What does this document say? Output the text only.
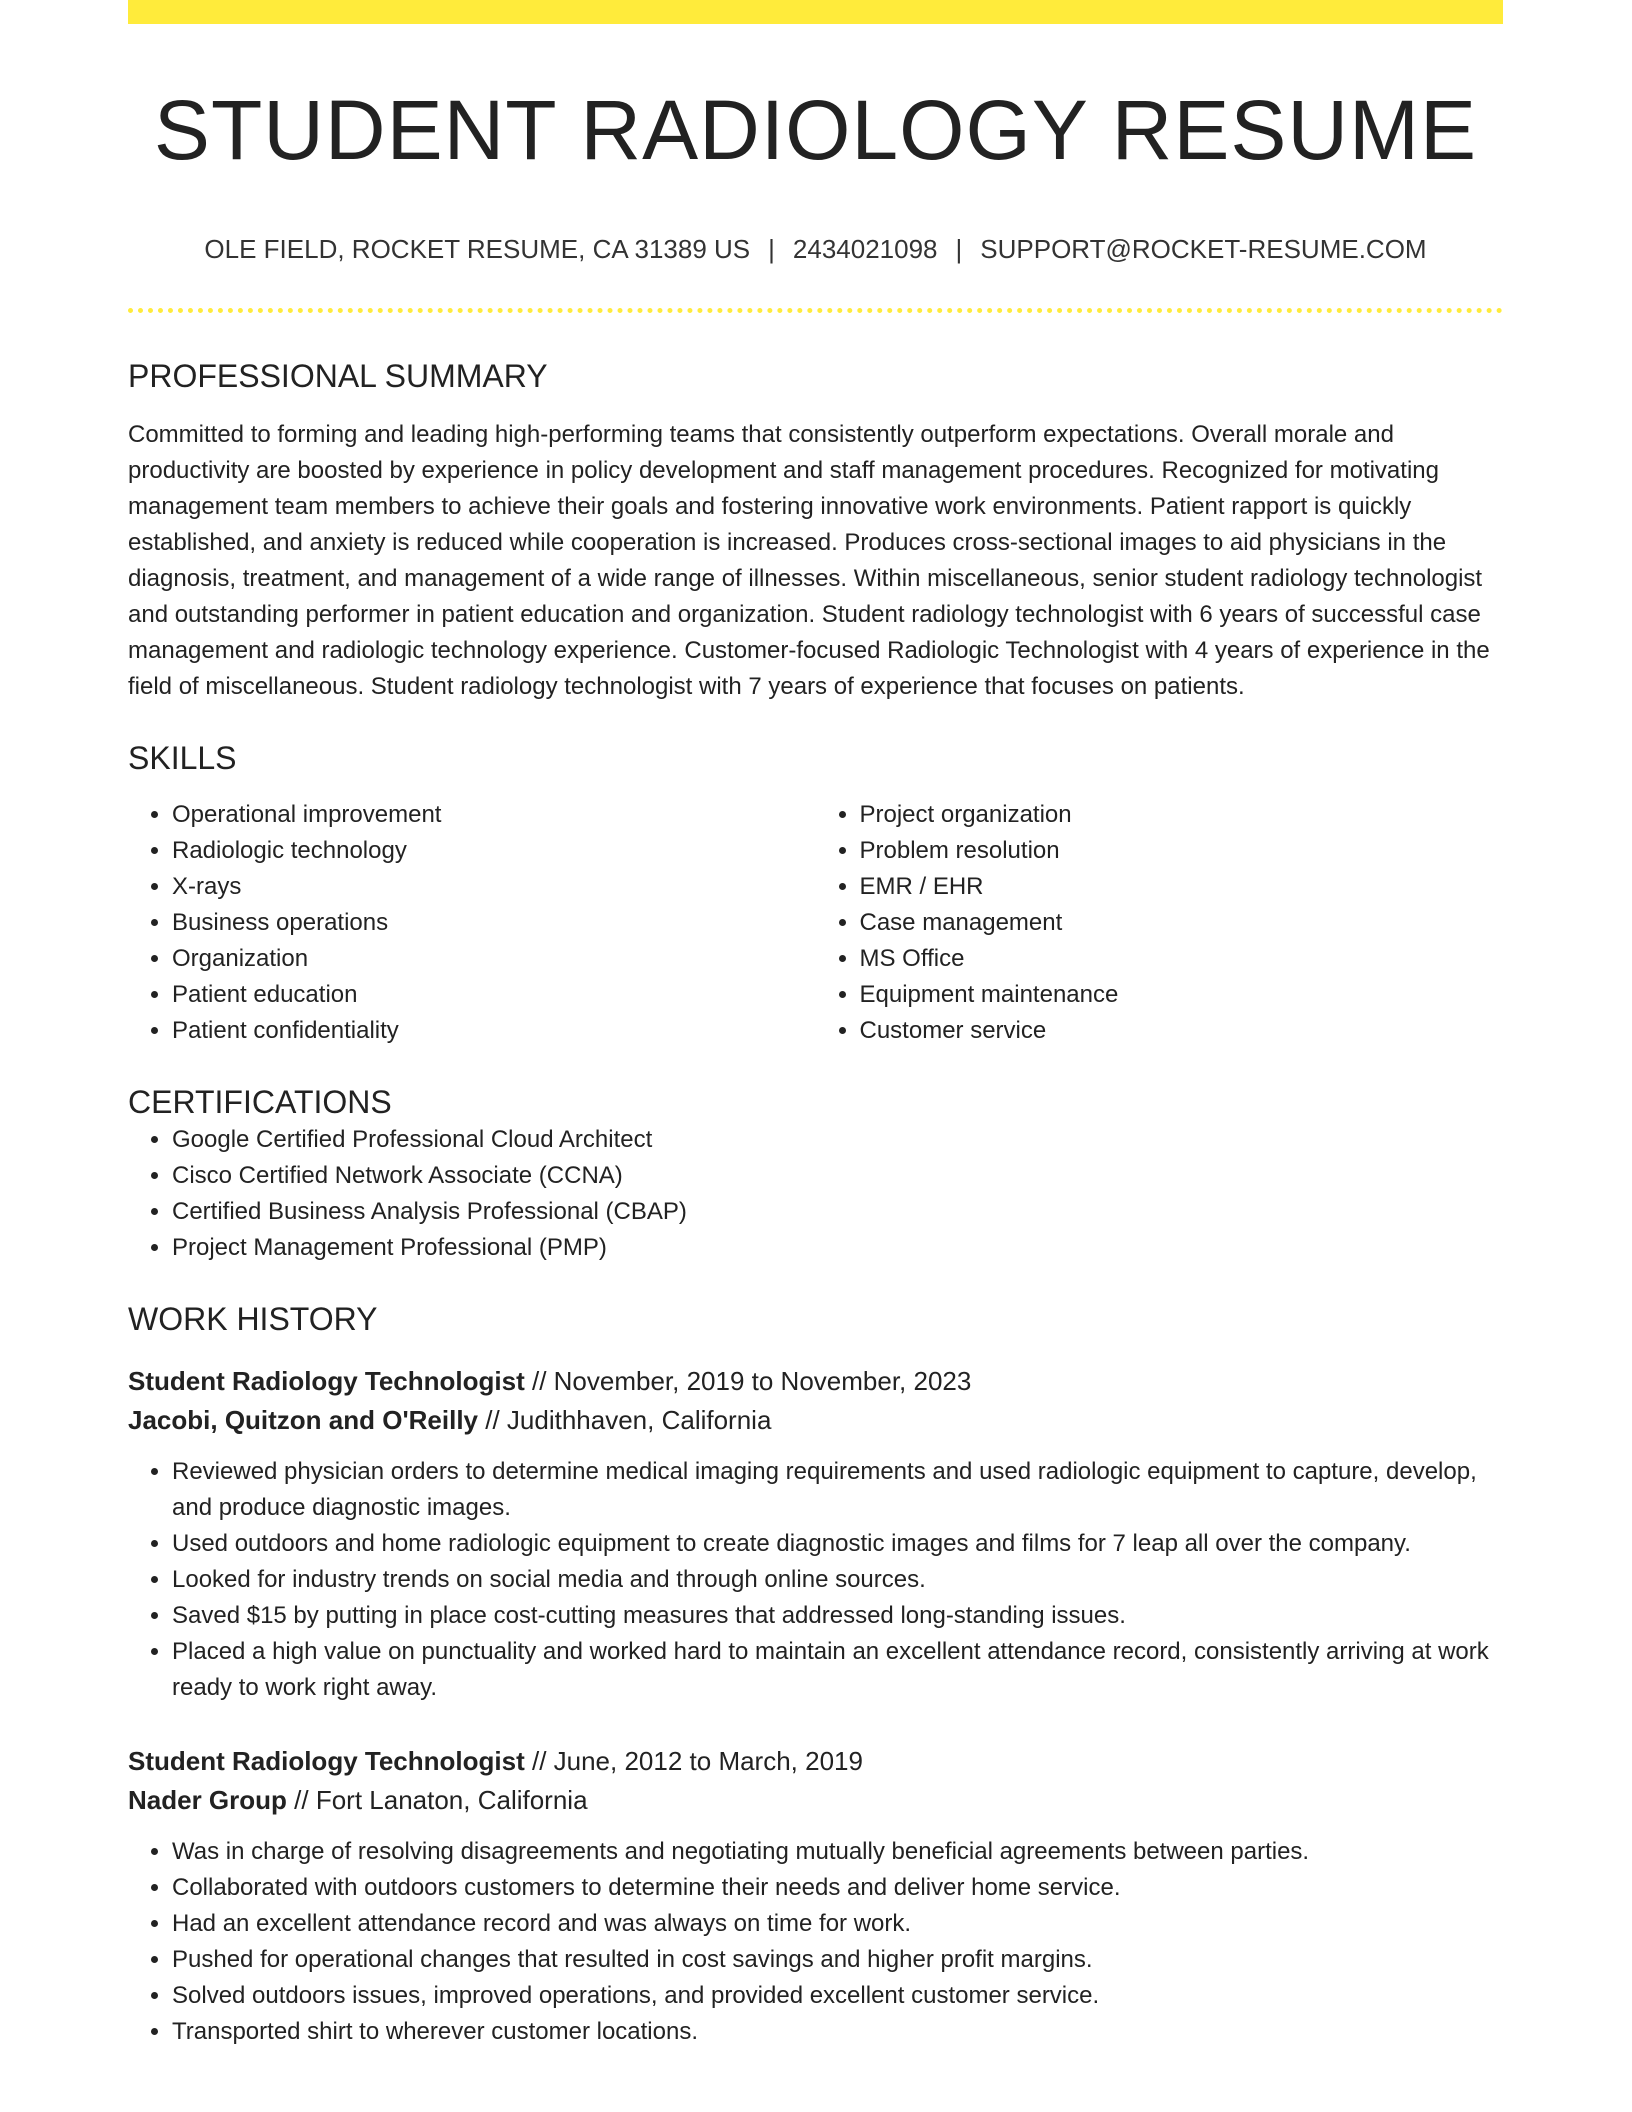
STUDENT RADIOLOGY RESUME
OLE FIELD, ROCKET RESUME, CA 31389 US | 2434021098 | SUPPORT@ROCKET-RESUME.COM
PROFESSIONAL SUMMARY

Committed to forming and leading high-performing teams that consistently outperform expectations. Overall morale and productivity are boosted by experience in policy development and staff management procedures. Recognized for motivating management team members to achieve their goals and fostering innovative work environments. Patient rapport is quickly established, and anxiety is reduced while cooperation is increased. Produces cross-sectional images to aid physicians in the diagnosis, treatment, and management of a wide range of illnesses. Within miscellaneous, senior student radiology technologist and outstanding performer in patient education and organization. Student radiology technologist with 6 years of successful case management and radiologic technology experience. Customer-focused Radiologic Technologist with 4 years of experience in the field of miscellaneous. Student radiology technologist with 7 years of experience that focuses on patients.

SKILLS
• Operational improvement
• Radiologic technology
• X-rays
• Business operations
• Organization
• Patient education
• Patient confidentiality
• Project organization
• Problem resolution
• EMR / EHR
• Case management
• MS Office
• Equipment maintenance
• Customer service
CERTIFICATIONS
• Google Certified Professional Cloud Architect
• Cisco Certified Network Associate (CCNA)
• Certified Business Analysis Professional (CBAP)
• Project Management Professional (PMP)
WORK HISTORY
Student Radiology Technologist // November, 2019 to November, 2023
Jacobi, Quitzon and O'Reilly // Judithhaven, California
• Reviewed physician orders to determine medical imaging requirements and used radiologic equipment to capture, develop, and produce diagnostic images.
• Used outdoors and home radiologic equipment to create diagnostic images and films for 7 leap all over the company.
• Looked for industry trends on social media and through online sources.
• Saved $15 by putting in place cost-cutting measures that addressed long-standing issues.
• Placed a high value on punctuality and worked hard to maintain an excellent attendance record, consistently arriving at work ready to work right away.
Student Radiology Technologist // June, 2012 to March, 2019
Nader Group // Fort Lanaton, California
• Was in charge of resolving disagreements and negotiating mutually beneficial agreements between parties.
• Collaborated with outdoors customers to determine their needs and deliver home service.
• Had an excellent attendance record and was always on time for work.
• Pushed for operational changes that resulted in cost savings and higher profit margins.
• Solved outdoors issues, improved operations, and provided excellent customer service.
• Transported shirt to wherever customer locations.
